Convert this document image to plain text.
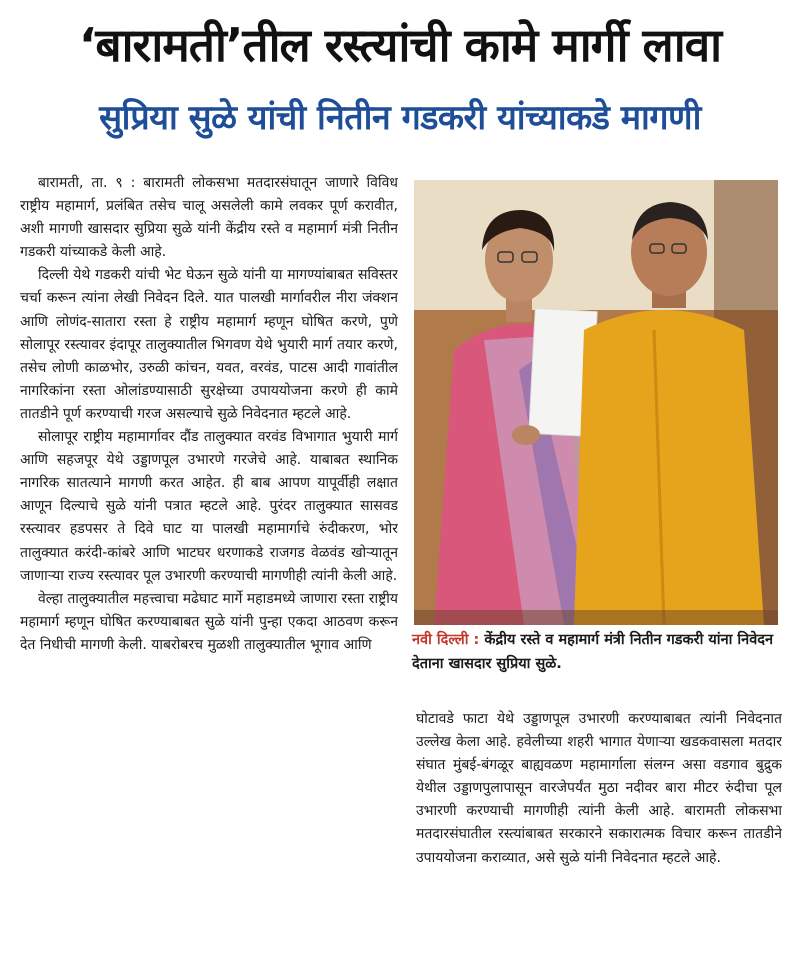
‘बारामती’तील रस्त्यांची कामे मार्गी लावा
सुप्रिया सुळे यांची नितीन गडकरी यांच्याकडे मागणी

बारामती, ता. ९ : बारामती लोकसभा मतदारसंघातून जाणारे विविध राष्ट्रीय महामार्ग, प्रलंबित तसेच चालू असलेली कामे लवकर पूर्ण करावीत, अशी मागणी खासदार सुप्रिया सुळे यांनी केंद्रीय रस्ते व महामार्ग मंत्री नितीन गडकरी यांच्याकडे केली आहे.

दिल्ली येथे गडकरी यांची भेट घेऊन सुळे यांनी या मागण्यांबाबत सविस्तर चर्चा करून त्यांना लेखी निवेदन दिले. यात पालखी मार्गावरील नीरा जंक्शन आणि लोणंद-सातारा रस्ता हे राष्ट्रीय महामार्ग म्हणून घोषित करणे, पुणे सोलापूर रस्त्यावर इंदापूर तालुक्यातील भिगवण येथे भुयारी मार्ग तयार करणे, तसेच लोणी काळभोर, उरुळी कांचन, यवत, वरवंड, पाटस आदी गावांतील नागरिकांना रस्ता ओलांडण्यासाठी सुरक्षेच्या उपाययोजना करणे ही कामे तातडीने पूर्ण करण्याची गरज असल्याचे सुळे निवेदनात म्हटले आहे.

सोलापूर राष्ट्रीय महामार्गावर दौंड तालुक्यात वरवंड विभागात भुयारी मार्ग आणि सहजपूर येथे उड्डाणपूल उभारणे गरजेचे आहे. याबाबत स्थानिक नागरिक सातत्याने मागणी करत आहेत. ही बाब आपण यापूर्वीही लक्षात आणून दिल्याचे सुळे यांनी पत्रात म्हटले आहे. पुरंदर तालुक्यात सासवड रस्त्यावर हडपसर ते दिवे घाट या पालखी महामार्गाचे रुंदीकरण, भोर तालुक्यात करंदी-कांबरे आणि भाटघर धरणाकडे राजगड वेळवंड खोऱ्यातून जाणाऱ्या राज्य रस्त्यावर पूल उभारणी करण्याची मागणीही त्यांनी केली आहे.

वेल्हा तालुक्यातील महत्त्वाचा मढेघाट मार्गे महाडमध्ये जाणारा रस्ता राष्ट्रीय महामार्ग म्हणून घोषित करण्याबाबत सुळे यांनी पुन्हा एकदा आठवण करून देत निधीची मागणी केली. याबरोबरच मुळशी तालुक्यातील भूगाव आणि	नवी दिल्ली : केंद्रीय रस्ते व महामार्ग मंत्री नितीन गडकरी यांना निवेदन देताना खासदार सुप्रिया सुळे.

घोटावडे फाटा येथे उड्डाणपूल उभारणी करण्याबाबत त्यांनी निवेदनात उल्लेख केला आहे. हवेलीच्या शहरी भागात येणाऱ्या खडकवासला मतदार संघात मुंबई-बंगळूर बाह्यवळण महामार्गाला संलग्न असा वडगाव बुद्रुक येथील उड्डाणपुलापासून वारजेपर्यंत मुठा नदीवर बारा मीटर रुंदीचा पूल उभारणी करण्याची मागणीही त्यांनी केली आहे. बारामती लोकसभा मतदारसंघातील रस्त्यांबाबत सरकारने सकारात्मक विचार करून तातडीने उपाययोजना कराव्यात, असे सुळे यांनी निवेदनात म्हटले आहे.
